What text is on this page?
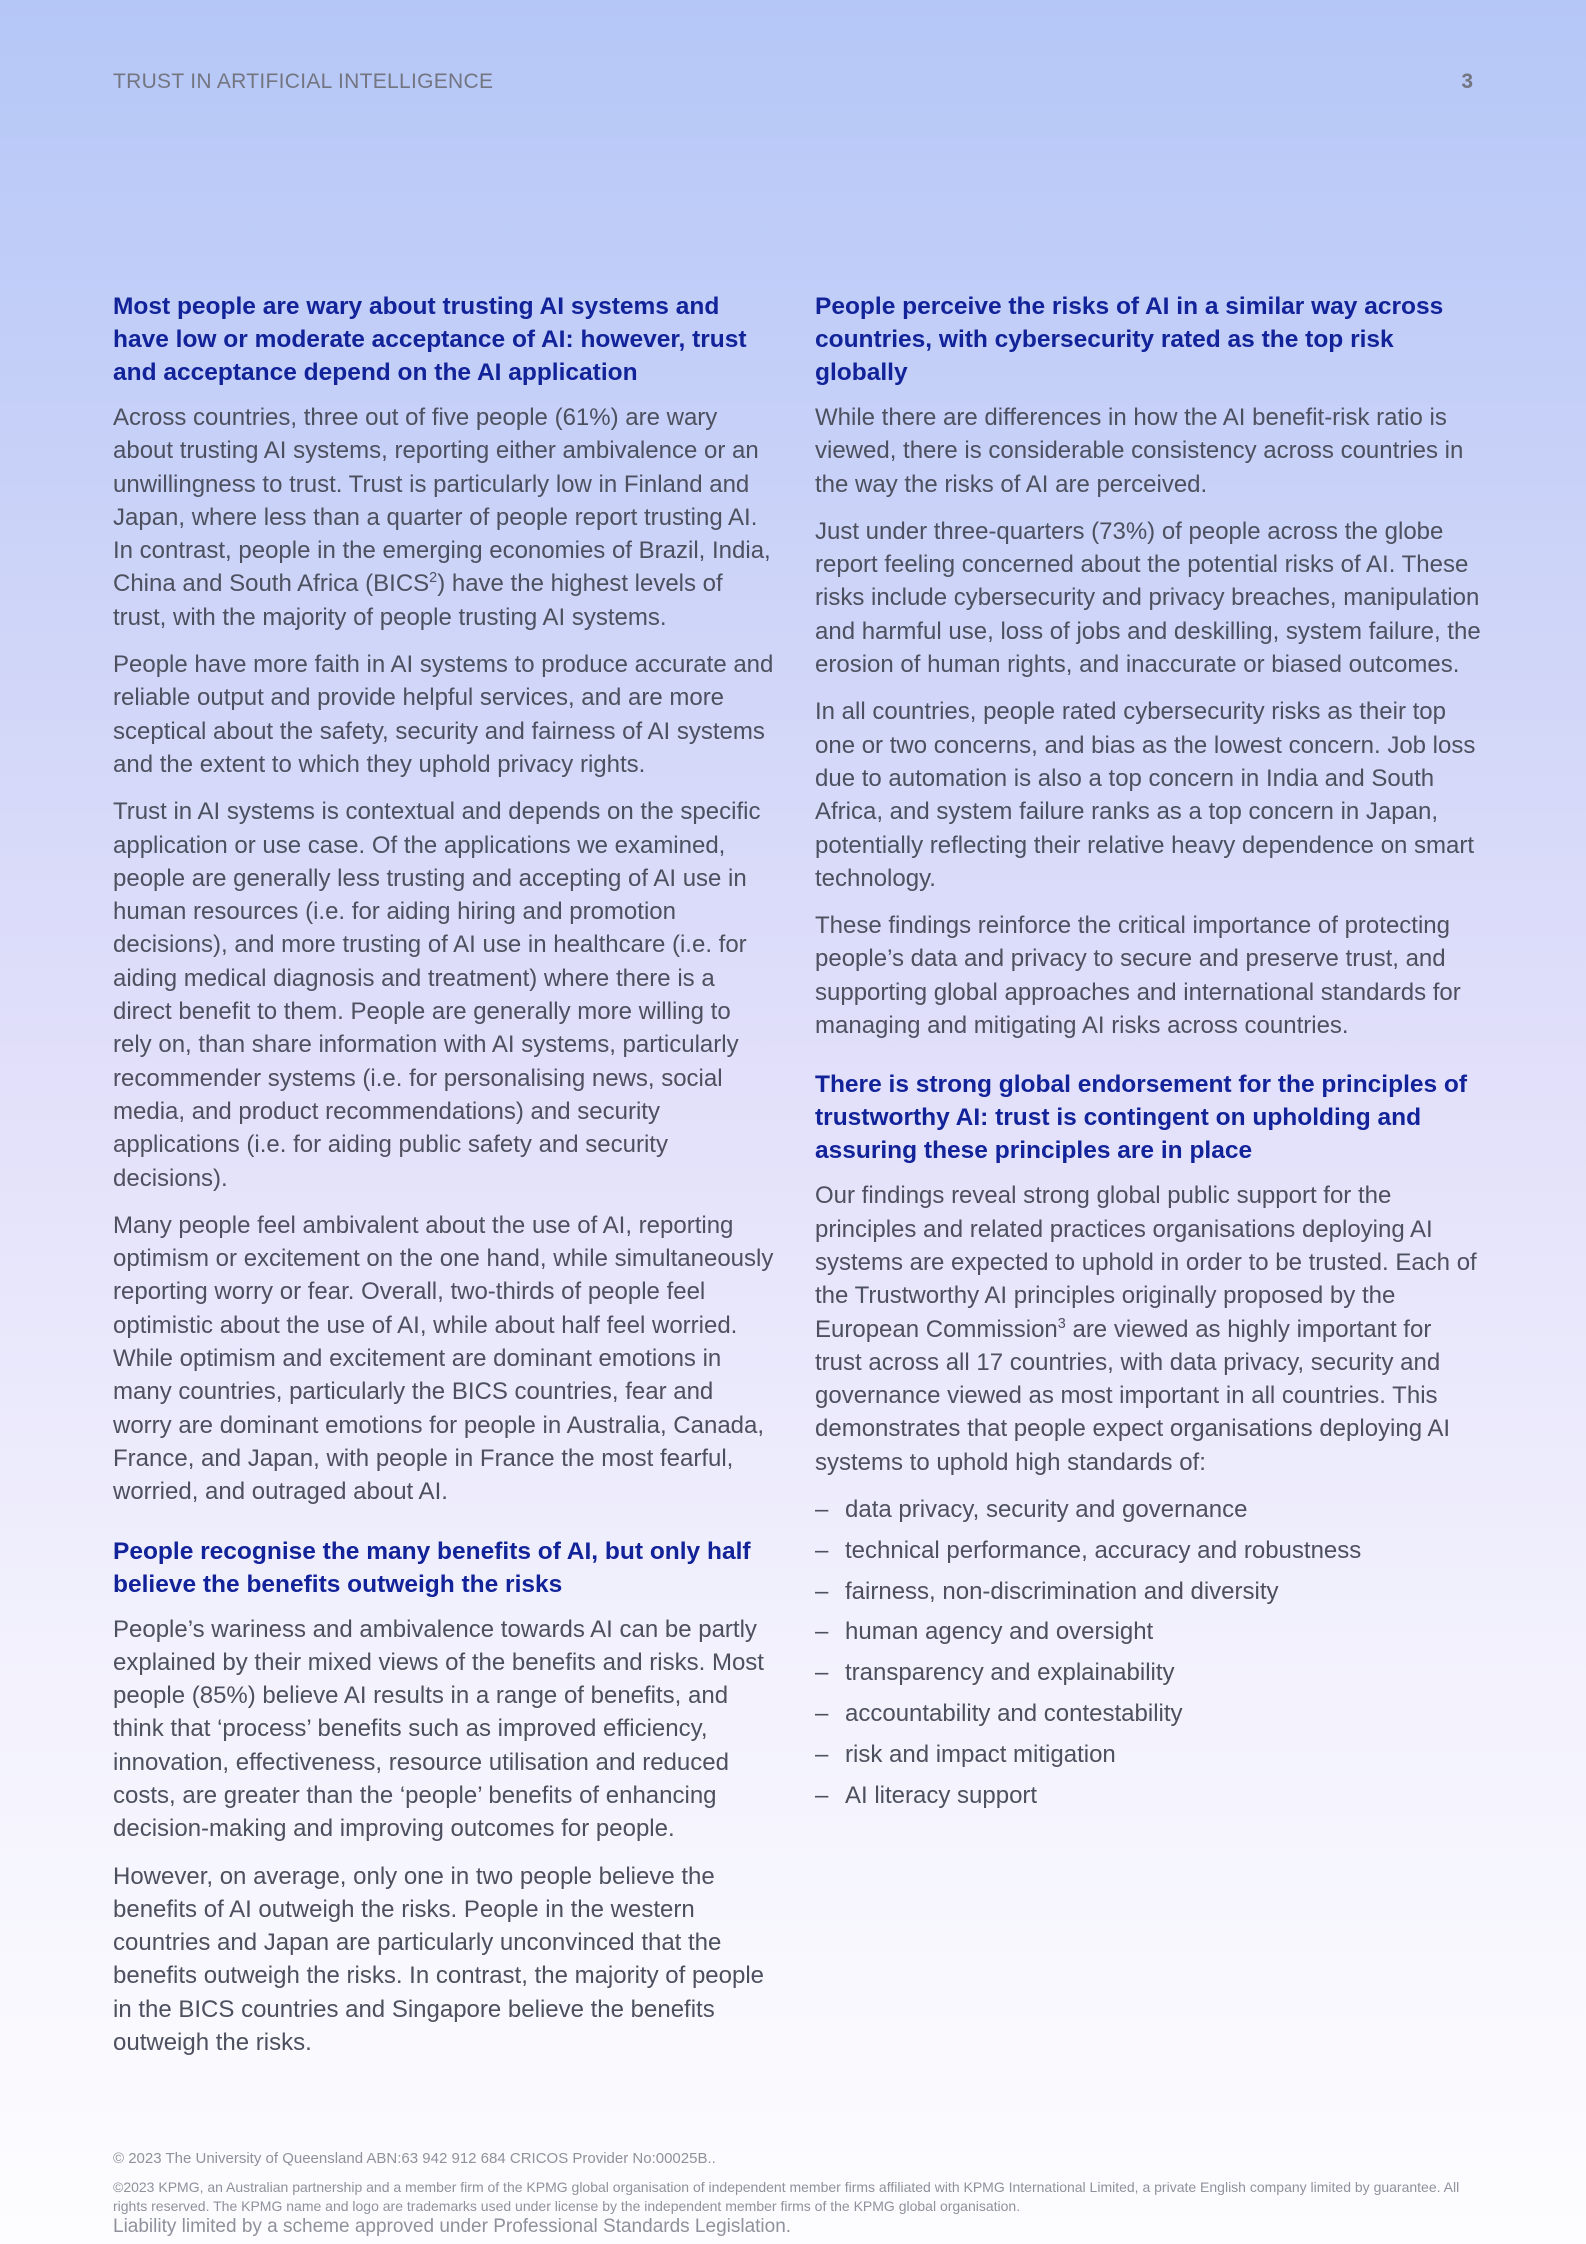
TRUST IN ARTIFICIAL INTELLIGENCE	3
Most people are wary about trusting AI systems and have low or moderate acceptance of AI: however, trust and acceptance depend on the AI application

Across countries, three out of five people (61%) are wary about trusting AI systems, reporting either ambivalence or an unwillingness to trust. Trust is particularly low in Finland and Japan, where less than a quarter of people report trusting AI. In contrast, people in the emerging economies of Brazil, India, China and South Africa (BICS$^2$) have the highest levels of trust, with the majority of people trusting AI systems.

People have more faith in AI systems to produce accurate and reliable output and provide helpful services, and are more sceptical about the safety, security and fairness of AI systems and the extent to which they uphold privacy rights.

Trust in AI systems is contextual and depends on the specific application or use case. Of the applications we examined, people are generally less trusting and accepting of AI use in human resources (i.e. for aiding hiring and promotion decisions), and more trusting of AI use in healthcare (i.e. for aiding medical diagnosis and treatment) where there is a direct benefit to them. People are generally more willing to rely on, than share information with AI systems, particularly recommender systems (i.e. for personalising news, social media, and product recommendations) and security applications (i.e. for aiding public safety and security decisions).

Many people feel ambivalent about the use of AI, reporting optimism or excitement on the one hand, while simultaneously reporting worry or fear. Overall, two-thirds of people feel optimistic about the use of AI, while about half feel worried. While optimism and excitement are dominant emotions in many countries, particularly the BICS countries, fear and worry are dominant emotions for people in Australia, Canada, France, and Japan, with people in France the most fearful, worried, and outraged about AI.

People recognise the many benefits of AI, but only half believe the benefits outweigh the risks

People’s wariness and ambivalence towards AI can be partly explained by their mixed views of the benefits and risks. Most people (85%) believe AI results in a range of benefits, and think that ‘process’ benefits such as improved efficiency, innovation, effectiveness, resource utilisation and reduced costs, are greater than the ‘people’ benefits of enhancing decision-making and improving outcomes for people.

However, on average, only one in two people believe the benefits of AI outweigh the risks. People in the western countries and Japan are particularly unconvinced that the benefits outweigh the risks. In contrast, the majority of people in the BICS countries and Singapore believe the benefits outweigh the risks.

People perceive the risks of AI in a similar way across countries, with cybersecurity rated as the top risk globally

While there are differences in how the AI benefit-risk ratio is viewed, there is considerable consistency across countries in the way the risks of AI are perceived.

Just under three-quarters (73%) of people across the globe report feeling concerned about the potential risks of AI. These risks include cybersecurity and privacy breaches, manipulation and harmful use, loss of jobs and deskilling, system failure, the erosion of human rights, and inaccurate or biased outcomes.

In all countries, people rated cybersecurity risks as their top one or two concerns, and bias as the lowest concern. Job loss due to automation is also a top concern in India and South Africa, and system failure ranks as a top concern in Japan, potentially reflecting their relative heavy dependence on smart technology.

These findings reinforce the critical importance of protecting people’s data and privacy to secure and preserve trust, and supporting global approaches and international standards for managing and mitigating AI risks across countries.

There is strong global endorsement for the principles of trustworthy AI: trust is contingent on upholding and assuring these principles are in place

Our findings reveal strong global public support for the principles and related practices organisations deploying AI systems are expected to uphold in order to be trusted. Each of the Trustworthy AI principles originally proposed by the European Commission$^3$ are viewed as highly important for trust across all 17 countries, with data privacy, security and governance viewed as most important in all countries. This demonstrates that people expect organisations deploying AI systems to uphold high standards of:

– data privacy, security and governance
– technical performance, accuracy and robustness
– fairness, non-discrimination and diversity
– human agency and oversight
– transparency and explainability
– accountability and contestability
– risk and impact mitigation
– AI literacy support
© 2023 The University of Queensland ABN:63 942 912 684 CRICOS Provider No:00025B..
©2023 KPMG, an Australian partnership and a member firm of the KPMG global organisation of independent member firms affiliated with KPMG International Limited, a private English company limited by guarantee. All rights reserved. The KPMG name and logo are trademarks used under license by the independent member firms of the KPMG global organisation.
Liability limited by a scheme approved under Professional Standards Legislation.
